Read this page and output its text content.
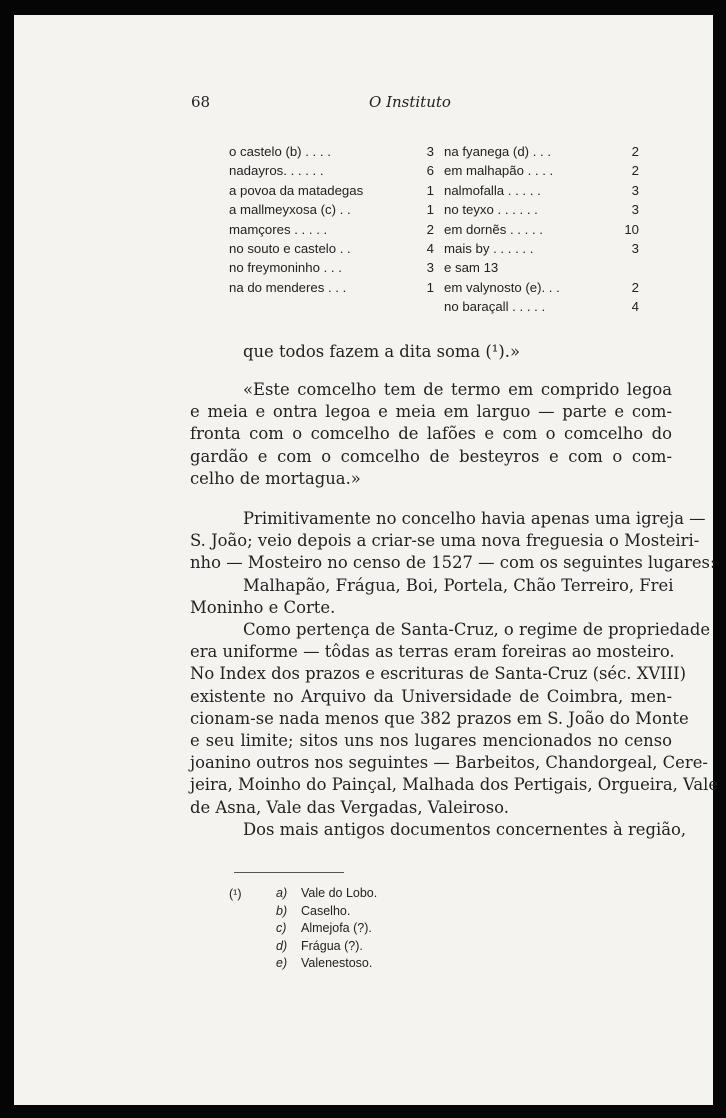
68	O Instituto
o castelo (b) . . . .	3
nadayros. . . . . .	6
a povoa da matadegas	1
a mallmeyxosa (c) . .	1
mamçores . . . . .	2
no souto e castelo . .	4
no freymoninho . . .	3
na do menderes . . .	1
na fyanega (d) . . .	2
em malhapão . . . .	2
nalmofalla . . . . .	3
no teyxo . . . . . .	3
em dornẽs . . . . .	10
mais by . . . . . .	3
e sam 13
em valynosto (e). . .	2
no baraçall . . . . .	4
que todos fazem a dita soma (¹).»
«Este comcelho tem de termo em comprido legoa
e meia e ontra legoa e meia em larguo — parte e com-
fronta com o comcelho de lafões e com o comcelho do
gardão e com o comcelho de besteyros e com o com-
celho de mortagua.»
Primitivamente no concelho havia apenas uma igreja —
S. João; veio depois a criar-se uma nova freguesia o Mosteiri-
nho — Mosteiro no censo de 1527 — com os seguintes lugares:
Malhapão, Frágua, Boi, Portela, Chão Terreiro, Frei
Moninho e Corte.
Como pertença de Santa-Cruz, o regime de propriedade
era uniforme — tôdas as terras eram foreiras ao mosteiro.
No Index dos prazos e escrituras de Santa-Cruz (séc. XVIII)
existente no Arquivo da Universidade de Coimbra, men-
cionam-se nada menos que 382 prazos em S. João do Monte
e seu limite; sitos uns nos lugares mencionados no censo
joanino outros nos seguintes — Barbeitos, Chandorgeal, Cere-
jeira, Moinho do Painçal, Malhada dos Pertigais, Orgueira, Vale
de Asna, Vale das Vergadas, Valeiroso.
Dos mais antigos documentos concernentes à região,
(¹)	a) Vale do Lobo.
b) Caselho.
c) Almejofa (?).
d) Frágua (?).
e) Valenestoso.
